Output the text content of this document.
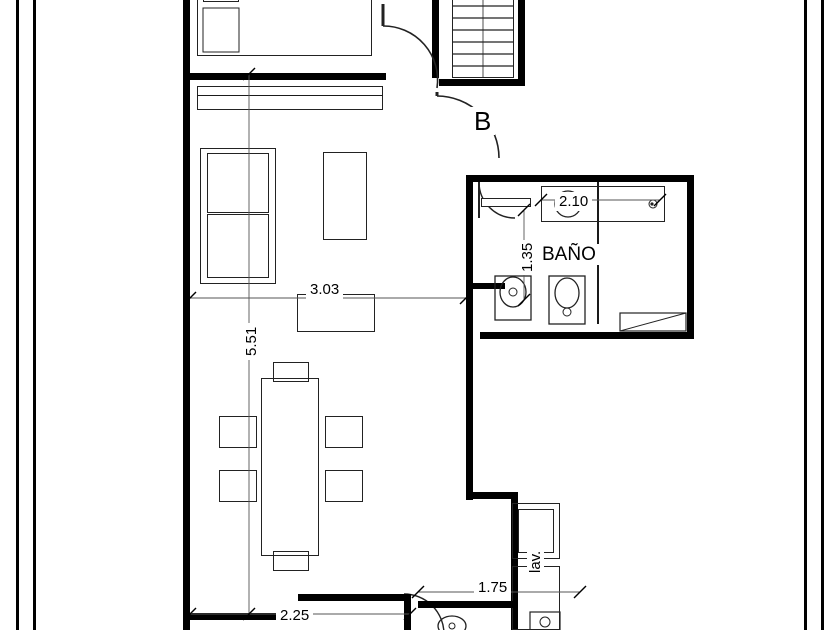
3.03
5.51
2.25
1.75
2.10
1.35 BAÑO
B
lav.
